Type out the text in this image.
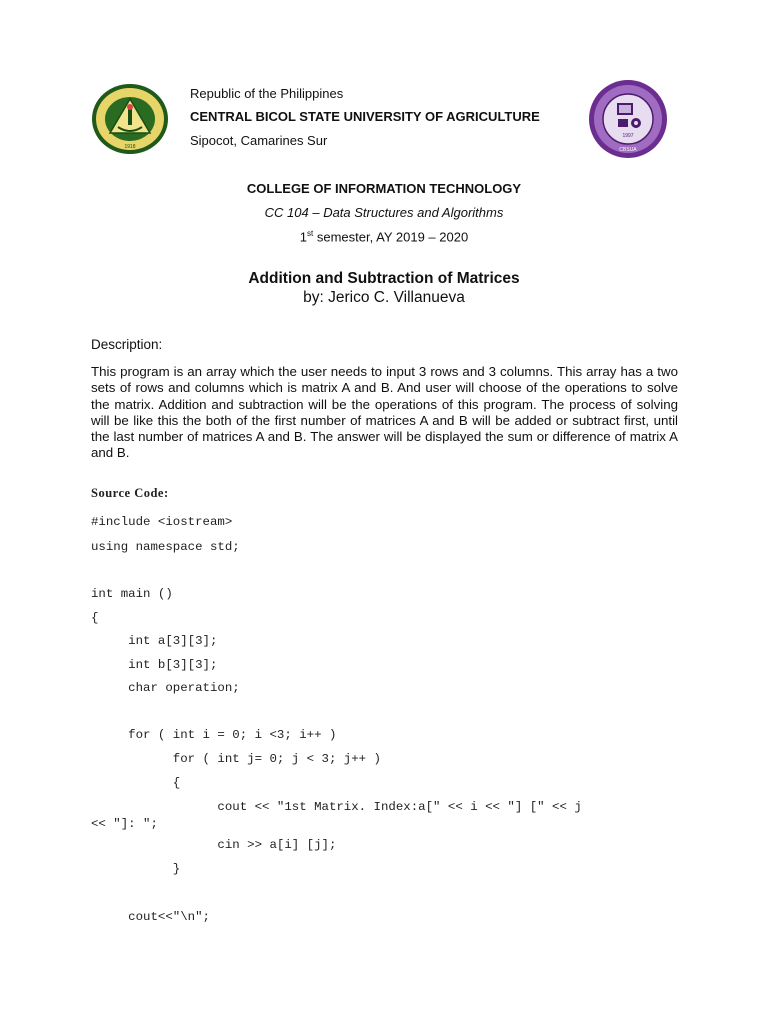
1918
1997
CBSUA
Republic of the Philippines
CENTRAL BICOL STATE UNIVERSITY OF AGRICULTURE
Sipocot, Camarines Sur
COLLEGE OF INFORMATION TECHNOLOGY
CC 104 – Data Structures and Algorithms
1st semester, AY 2019 – 2020
Addition and Subtraction of Matrices
by: Jerico C. Villanueva
Description:
This program is an array which the user needs to input 3 rows and 3 columns. This array has a two sets of rows and columns which is matrix A and B. And user will choose of the operations to solve the matrix. Addition and subtraction will be the operations of this program. The process of solving will be like this the both of the first number of matrices A and B will be added or subtract first, until the last number of matrices A and B. The answer will be displayed the sum or difference of matrix A and B.
Source Code:
#include <iostream>
using namespace std;
int main ()
{
int a[3][3];
int b[3][3];
char operation;
for ( int i = 0; i <3; i++ )
for ( int j= 0; j < 3; j++ )
{
cout << "1st Matrix. Index:a[" << i << "] [" << j
<< "]: ";
cin >> a[i] [j];
}
cout<<"\n";
